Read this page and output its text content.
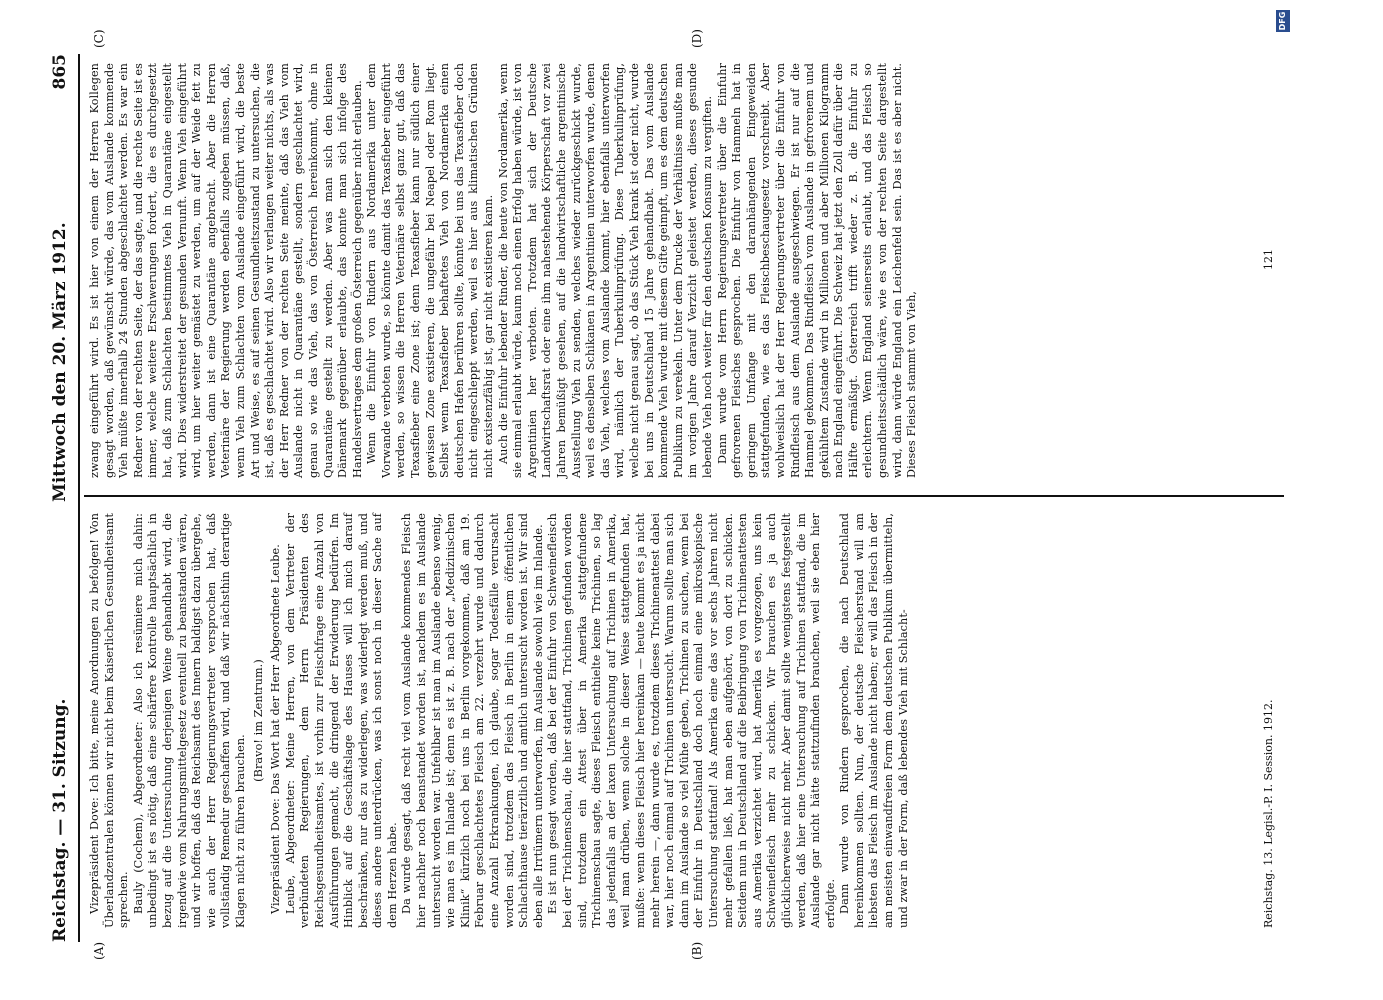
Reichstag. — 31. Sitzung.
Mittwoch den 20. März 1912.
865
(A)	(B)
(C)	(D)

Vizepräsident Dove: Ich bitte, meine Anordnungen zu befolgen! Von Überlandzentralen können wir nicht beim Kaiserlichen Gesundheitsamt sprechen. Bauly (Cochem), Abgeordneter: Also ich resümiere mich dahin: unbedingt ist es nötig, daß eine schärfere Kontrolle hauptsächlich in bezug auf die Untersuchung derjenigen Weine gehandhabt wird, die irgendwie vom Nahrungsmittelgesetz eventuell zu beanstanden wären, und wir hoffen, daß das Reichsamt des Innern baldigst dazu übergehe, wie auch der Herr Regierungsvertreter versprochen hat, daß vollständig Remedur geschaffen wird, und daß wir nächsthin derartige Klagen nicht zu führen brauchen.

(Bravo! im Zentrum.) Vizepräsident Dove: Das Wort hat der Herr Abgeordnete Leube. Leube, Abgeordneter: Meine Herren, von dem Vertreter der verbündeten Regierungen, dem Herrn Präsidenten des Reichsgesundheitsamtes, ist vorhin zur Fleischfrage eine Anzahl von Ausführungen gemacht, die dringend der Erwiderung bedürfen. Im Hinblick auf die Geschäftslage des Hauses will ich mich darauf beschränken, nur das zu widerlegen, was widerlegt werden muß, und dieses andere unterdrücken, was ich sonst noch in dieser Sache auf dem Herzen habe. Da wurde gesagt, daß recht viel vom Auslande kommendes Fleisch hier nachher noch beanstandet worden ist, nachdem es im Auslande untersucht worden war. Unfehlbar ist man im Auslande ebenso wenig, wie man es im Inlande ist; denn es ist z. B. nach der „Medizinischen Klinik“ kürzlich noch bei uns in Berlin vorgekommen, daß am 19. Februar geschlachtetes Fleisch am 22. verzehrt wurde und dadurch eine Anzahl Erkrankungen, ich glaube, sogar Todesfälle verursacht worden sind, trotzdem das Fleisch in Berlin in einem öffentlichen Schlachthause tierärztlich und amtlich untersucht worden ist. Wir sind eben alle Irrtümern unterworfen, im Auslande sowohl wie im Inlande. Es ist nun gesagt worden, daß bei der Einfuhr von Schweinefleisch bei der Trichinenschau, die hier stattfand, Trichinen gefunden worden sind, trotzdem ein Attest über in Amerika stattgefundene Trichinenschau sagte, dieses Fleisch enthielte keine Trichinen, so lag das jedenfalls an der laxen Untersuchung auf Trichinen in Amerika, weil man drüben, wenn solche in dieser Weise stattgefunden hat, mußte: wenn dieses Fleisch hier hereinkam — heute kommt es ja nicht mehr herein —, dann wurde es, trotzdem dieses Trichinenattest dabei war, hier noch einmal auf Trichinen untersucht. Warum sollte man sich dann im Auslande so viel Mühe geben, Trichinen zu suchen, wenn bei der Einfuhr in Deutschland doch noch einmal eine mikroskopische Untersuchung stattfand! Als Amerika eine das vor sechs Jahren nicht mehr gefallen ließ, hat man eben aufgehört, von dort zu schicken. Seitdem nun in Deutschland auf die Beibringung von Trichinenattesten aus Amerika verzichtet wird, hat Amerika es vorgezogen, uns kein Schweinefleisch mehr zu schicken. Wir brauchen es ja auch glücklicherweise nicht mehr. Aber damit sollte wenigstens festgestellt werden, daß hier eine Untersuchung auf Trichinen stattfand, die im Auslande gar nicht hätte stattzufinden brauchen, weil sie eben hier erfolgte. Dann wurde von Rindern gesprochen, die nach Deutschland hereinkommen sollten. Nun, der deutsche Fleischerstand will am liebsten das Fleisch im Auslande nicht haben; er will das Fleisch in der am meisten einwandfreien Form dem deutschen Publikum übermitteln, und zwar in der Form, daß lebendes Vieh mit Schlacht-

zwang eingeführt wird. Es ist hier von einem der Herren Kollegen gesagt worden, daß gewünscht würde, das vom Auslande kommende Vieh müßte innerhalb 24 Stunden abgeschlachtet werden. Es war ein Redner von der rechten Seite, der das sagte, und die rechte Seite ist es immer, welche weitere Erschwerungen fordert, die es durchgesetzt hat, daß zum Schlachten bestimmtes Vieh in Quarantäne eingestellt wird. Dies widerstreitet der gesunden Vernunft. Wenn Vieh eingeführt wird, um hier weiter gemästet zu werden, um auf der Weide fett zu werden, dann ist eine Quarantäne angebracht. Aber die Herren Veterinäre der Regierung werden ebenfalls zugeben müssen, daß, wenn Vieh zum Schlachten vom Auslande eingeführt wird, die beste Art und Weise, es auf seinen Gesundheitszustand zu untersuchen, die ist, daß es geschlachtet wird. Also wir verlangen weiter nichts, als was der Herr Redner von der rechten Seite meinte, daß das Vieh vom Auslande nicht in Quarantäne gestellt, sondern geschlachtet wird, genau so wie das Vieh, das von Österreich hereinkommt, ohne in Quarantäne gestellt zu werden. Aber was man sich den kleinen Dänemark gegenüber erlaubte, das konnte man sich infolge des Handelsvertrages dem großen Österreich gegenüber nicht erlauben. Wenn die Einfuhr von Rindern aus Nordamerika unter dem Vorwande verboten wurde, so könnte damit das Texasfieber eingeführt werden, so wissen die Herren Veterinäre selbst ganz gut, daß das Texasfieber eine Zone ist; denn Texasfieber kann nur südlich einer gewissen Zone existieren, die ungefähr bei Neapel oder Rom liegt. Selbst wenn Texasfieber behaftetes Vieh von Nordamerika einen deutschen Hafen berühren sollte, könnte bei uns das Texasfieber doch nicht eingeschleppt werden, weil es hier aus klimatischen Gründen nicht existenzfähig ist, gar nicht existieren kann. Auch die Einfuhr lebender Rinder, die heute von Nordamerika, wenn sie einmal erlaubt würde, kaum noch einen Erfolg haben würde, ist von Argentinien her verboten. Trotzdem hat sich der Deutsche Landwirtschaftsrat oder eine ihm nahestehende Körperschaft vor zwei Jahren bemüßigt gesehen, auf die landwirtschaftliche argentinische Ausstellung Vieh zu senden, welches wieder zurückgeschickt wurde, weil es denselben Schikanen in Argentinien unterworfen wurde, denen das Vieh, welches vom Auslande kommt, hier ebenfalls unterworfen wird, nämlich der Tuberkulinprüfung. Diese Tuberkulinprüfung, welche nicht genau sagt, ob das Stück Vieh krank ist oder nicht, wurde bei uns in Deutschland 15 Jahre gehandhabt. Das vom Auslande kommende Vieh wurde mit diesem Gifte geimpft, um es dem deutschen Publikum zu verekeln. Unter dem Drucke der Verhältnisse mußte man im vorigen Jahre darauf Verzicht geleistet werden, dieses gesunde lebende Vieh noch weiter für den deutschen Konsum zu vergiften. Dann wurde vom Herrn Regierungsvertreter über die Einfuhr gefrorenen Fleisches gesprochen. Die Einfuhr von Hammeln hat in geringem Umfange mit den daranhängenden Eingeweiden stattgefunden, wie es das Fleischbeschaugesetz vorschreibt. Aber wohlweislich hat der Herr Regierungsvertreter über die Einfuhr von Rindfleisch aus dem Auslande ausgeschwiegen. Er ist nur auf die Hammel gekommen. Das Rindfleisch vom Auslande in gefrorenem und gekühltem Zustande wird in Millionen und aber Millionen Kilogramm nach England eingeführt. Die Schweiz hat jetzt den Zoll dafür über die Hälfte ermäßigt. Österreich trifft wieder z. B. die Einfuhr zu erleichtern. Wenn England seinerseits erlaubt, und das Fleisch so gesundheitsschädlich wäre, wie es von der rechten Seite dargestellt wird, dann würde England ein Leichenfeld sein. Das ist es aber nicht. Dieses Fleisch stammt von Vieh,

Reichstag. 13. Legisl.-P. I. Session. 1912.
121
DFG
